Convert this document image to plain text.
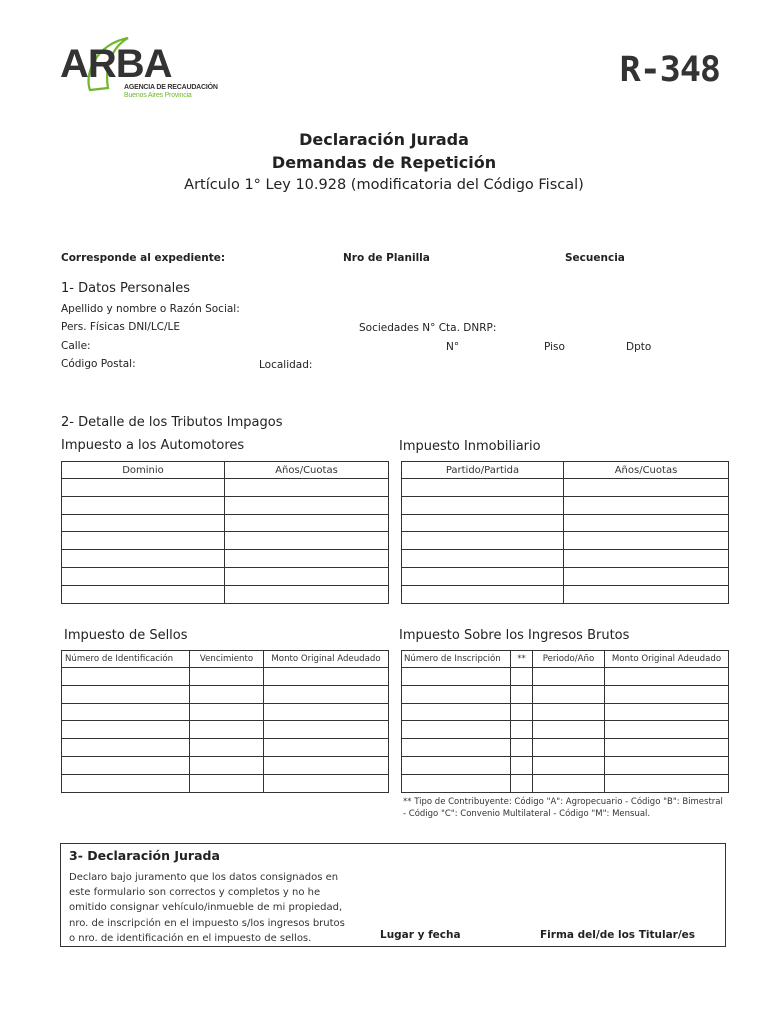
ARBA
AGENCIA DE RECAUDACIÓN
Buenos Aires Provincia
R-348
Declaración Jurada
Demandas de Repetición
Artículo 1° Ley 10.928 (modificatoria del Código Fiscal)
Corresponde al expediente:	Nro de Planilla	Secuencia
1- Datos Personales
Apellido y nombre o Razón Social:
Pers. Físicas DNI/LC/LE	Sociedades N° Cta. DNRP:
Calle:	N°	Piso	Dpto
Código Postal:	Localidad:
2- Detalle de los Tributos Impagos
Impuesto a los Automotores
Dominio	Años/Cuotas

Impuesto Inmobiliario
Partido/Partida	Años/Cuotas

Impuesto de Sellos
Número de Identificación	Vencimiento	Monto Original Adeudado

Impuesto Sobre los Ingresos Brutos
Número de Inscripción	**	Periodo/Año	Monto Original Adeudado

** Tipo de Contribuyente: Código "A": Agropecuario - Código "B": Bimestral
- Código "C": Convenio Multilateral - Código "M": Mensual.
3- Declaración Jurada
Declaro bajo juramento que los datos consignados en
este formulario son correctos y completos y no he
omitido consignar vehículo/inmueble de mi propiedad,
nro. de inscripción en el impuesto s/los ingresos brutos
o nro. de identificación en el impuesto de sellos.	Lugar y fecha	Firma del/de los Titular/es
